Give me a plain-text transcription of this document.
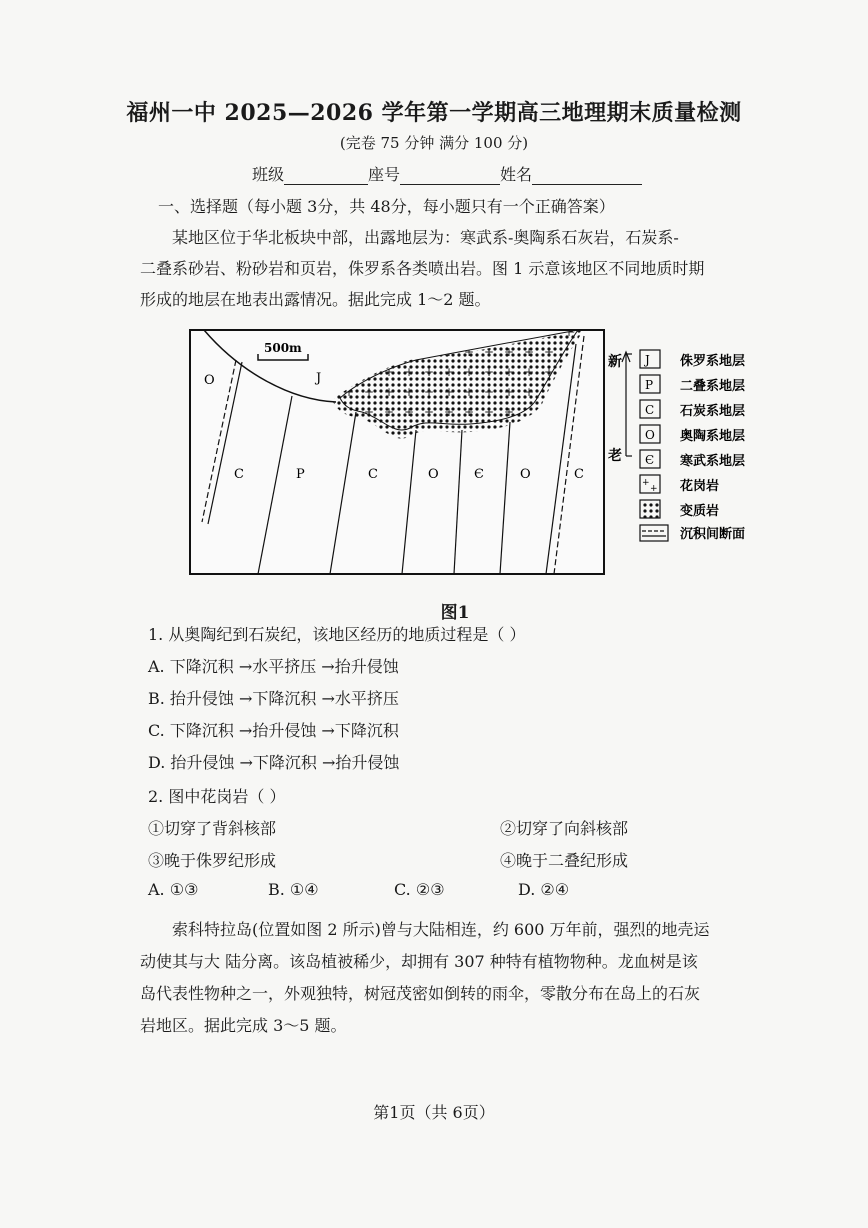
福州一中 2025—2026 学年第一学期高三地理期末质量检测
(完卷 75 分钟 满分 100 分)
班级	座号	姓名
一、选择题（每小题 3分，共 48分，每小题只有一个正确答案）

某地区位于华北板块中部，出露地层为：寒武系-奥陶系石灰岩，石炭系-

二叠系砂岩、粉砂岩和页岩，侏罗系各类喷出岩。图 1 示意该地区不同地质时期

形成的地层在地表出露情况。据此完成 1～2 题。

500m
O	J
C	P	C	O	Є	O	C
新
老
J 侏罗系地层
P 二叠系地层
C 石炭系地层
O 奥陶系地层
Є 寒武系地层
+
+ 花岗岩
变质岩
沉积间断面
图1
1. 从奥陶纪到石炭纪，该地区经历的地质过程是（ ）
A. 下降沉积 →水平挤压 →抬升侵蚀
B. 抬升侵蚀 →下降沉积 →水平挤压
C. 下降沉积 →抬升侵蚀 →下降沉积
D. 抬升侵蚀 →下降沉积 →抬升侵蚀
2. 图中花岗岩（ ）
①切穿了背斜核部	②切穿了向斜核部
③晚于侏罗纪形成	④晚于二叠纪形成
A. ①③	B. ①④	C. ②③	D. ②④

索科特拉岛(位置如图 2 所示)曾与大陆相连，约 600 万年前，强烈的地壳运

动使其与大 陆分离。该岛植被稀少，却拥有 307 种特有植物物种。龙血树是该

岛代表性物种之一，外观独特，树冠茂密如倒转的雨伞，零散分布在岛上的石灰

岩地区。据此完成 3～5 题。

第1页（共 6页）
